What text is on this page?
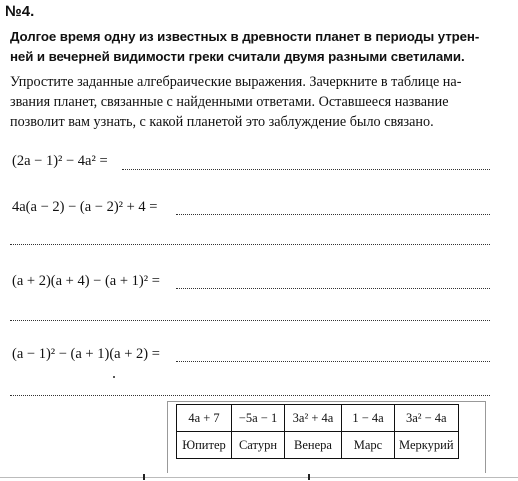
№4.
Долгое время одну из известных в древности планет в периоды утрен-
ней и вечерней видимости греки считали двумя разными светилами.
Упростите заданные алгебраические выражения. Зачеркните в таблице на-
звания планет, связанные с найденными ответами. Оставшееся название
позволит вам узнать, с какой планетой это заблуждение было связано.
(2a − 1)² − 4a² =
4a(a − 2) − (a − 2)² + 4 =
(a + 2)(a + 4) − (a + 1)² =
(a − 1)² − (a + 1)(a + 2) =
4a + 7	−5a − 1	3a² + 4a	1 − 4a	3a² − 4a
Юпитер	Сатурн	Венера	Марс	Меркурий
